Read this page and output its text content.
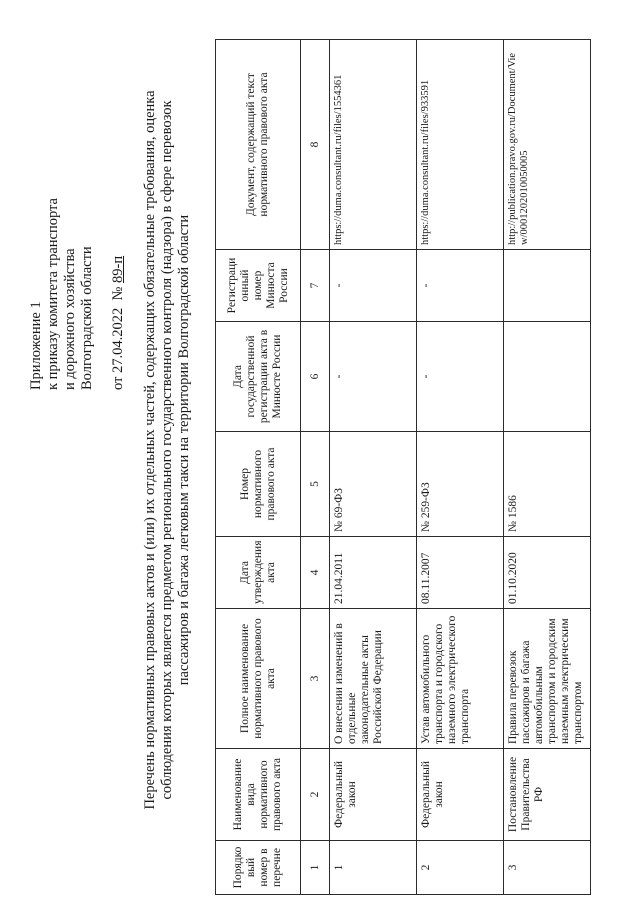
Приложение 1 к приказу комитета транспорта и дорожного хозяйства Волгоградской области от 27.04.2022  № 89-п Перечень нормативных правовых актов и (или) их отдельных частей, содержащих обязательные требования, оценка соблюдения которых является предметом регионального государственного контроля (надзора) в сфере перевозок пассажиров и багажа легковым такси на территории Волгоградской области
Порядко вый номер в перечне	Наименование вида нормативного правового акта	Полное наименование нормативного правового акта	Дата утверждения акта	Номер нормативного правового акта	Дата государственной регистрации акта в Минюсте России	Регистраци онный номер Минюста России	Документ, содержащий текст нормативного правового акта
1	2	3	4	5	6	7	8
1	Федеральный закон	О внесении изменений в отдельные законодательные акты Российской Федерации	21.04.2011	№ 69-ФЗ	-	-	https://duma.consultant.ru/files/1554361
2	Федеральный закон	Устав автомобильного транспорта и городского наземного электрического транспорта	08.11.2007	№ 259-ФЗ	-	-	https://duma.consultant.ru/files/933591
3	Постановление Правительства РФ	Правила перевозок пассажиров и багажа автомобильным транспортом и городским наземным электрическим транспортом	01.10.2020	№ 1586			http://publication.pravo.gov.ru/Document/View/0001202010050005
